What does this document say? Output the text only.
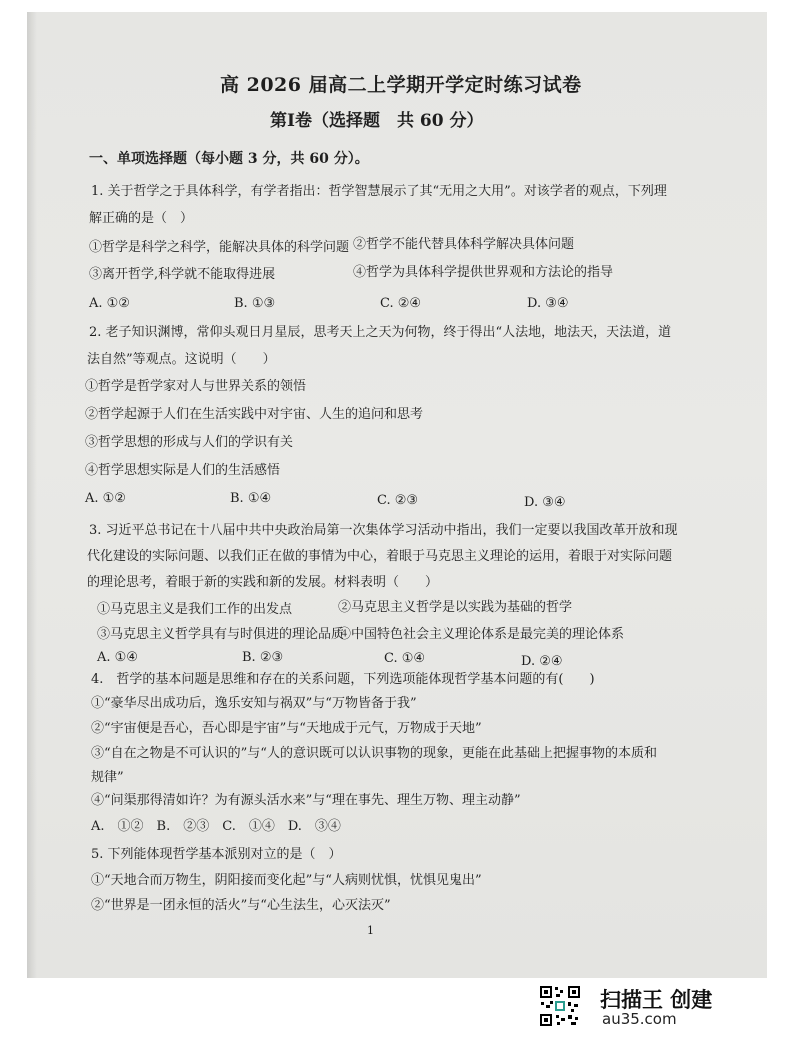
高 2026 届高二上学期开学定时练习试卷
第Ⅰ卷（选择题　共 60 分）
一、单项选择题（每小题 3 分，共 60 分）。
1. 关于哲学之于具体科学，有学者指出：哲学智慧展示了其“无用之大用”。对该学者的观点，下列理
解正确的是（　）
①哲学是科学之科学，能解决具体的科学问题 ②哲学不能代替具体科学解决具体问题
③离开哲学,科学就不能取得进展	④哲学为具体科学提供世界观和方法论的指导
A. ①②	B. ①③	C. ②④	D. ③④
2. 老子知识渊博，常仰头观日月星辰，思考天上之天为何物，终于得出“人法地，地法天，天法道，道
法自然”等观点。这说明（　　）
①哲学是哲学家对人与世界关系的领悟
②哲学起源于人们在生活实践中对宇宙、人生的追问和思考
③哲学思想的形成与人们的学识有关
④哲学思想实际是人们的生活感悟
A. ①②	B. ①④	C. ②③	D. ③④
3. 习近平总书记在十八届中共中央政治局第一次集体学习活动中指出，我们一定要以我国改革开放和现
代化建设的实际问题、以我们正在做的事情为中心，着眼于马克思主义理论的运用，着眼于对实际问题
的理论思考，着眼于新的实践和新的发展。材料表明（　　）
①马克思主义是我们工作的出发点	②马克思主义哲学是以实践为基础的哲学
③马克思主义哲学具有与时俱进的理论品质
④中国特色社会主义理论体系是最完美的理论体系
A. ①④	B. ②③	C. ①④	D. ②④
4.　哲学的基本问题是思维和存在的关系问题，下列选项能体现哲学基本问题的有(　　)
①“豪华尽出成功后，逸乐安知与祸双”与“万物皆备于我”
②“宇宙便是吾心，吾心即是宇宙”与“天地成于元气，万物成于天地”
③“自在之物是不可认识的”与“人的意识既可以认识事物的现象，更能在此基础上把握事物的本质和
规律”
④“问渠那得清如许？为有源头活水来”与“理在事先、理生万物、理主动静”
A.　①②　B.　②③　C.　①④　D.　③④
5. 下列能体现哲学基本派别对立的是（　）
①“天地合而万物生，阴阳接而变化起”与“人病则忧惧，忧惧见鬼出”
②“世界是一团永恒的活火”与“心生法生，心灭法灭”
1
扫描王 创建
au35.com
